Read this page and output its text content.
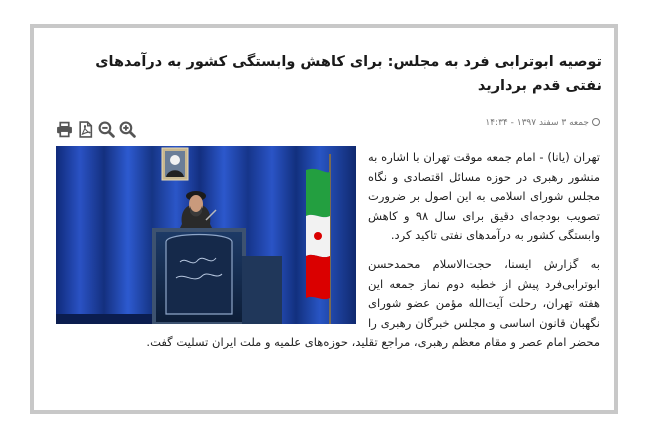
توصیه ابوترابی فرد به مجلس: برای کاهش وابستگی کشور به درآمدهای نفتی قدم بردارید
جمعه ۳ سفند ۱۳۹۷ - ۱۴:۳۴

تهران (یانا) - امام جمعه موقت تهران با اشاره به منشور رهبری در حوزه مسائل اقتصادی و نگاه مجلس شورای اسلامی به این اصول بر ضرورت تصویب بودجه‌ای دقیق برای سال ۹۸ و کاهش وابستگی کشور به درآمدهای نفتی تاکید کرد.

به گزارش ایسنا، حجت‌الاسلام محمدحسن ابوترابی‌فرد پیش از خطبه دوم نماز جمعه این هفته تهران، رحلت آیت‌الله مؤمن عضو شورای نگهبان قانون اساسی و مجلس خبرگان رهبری را محضر امام عصر و مقام معظم رهبری، مراجع تقلید، حوزه‌های علمیه و ملت ایران تسلیت گفت.
